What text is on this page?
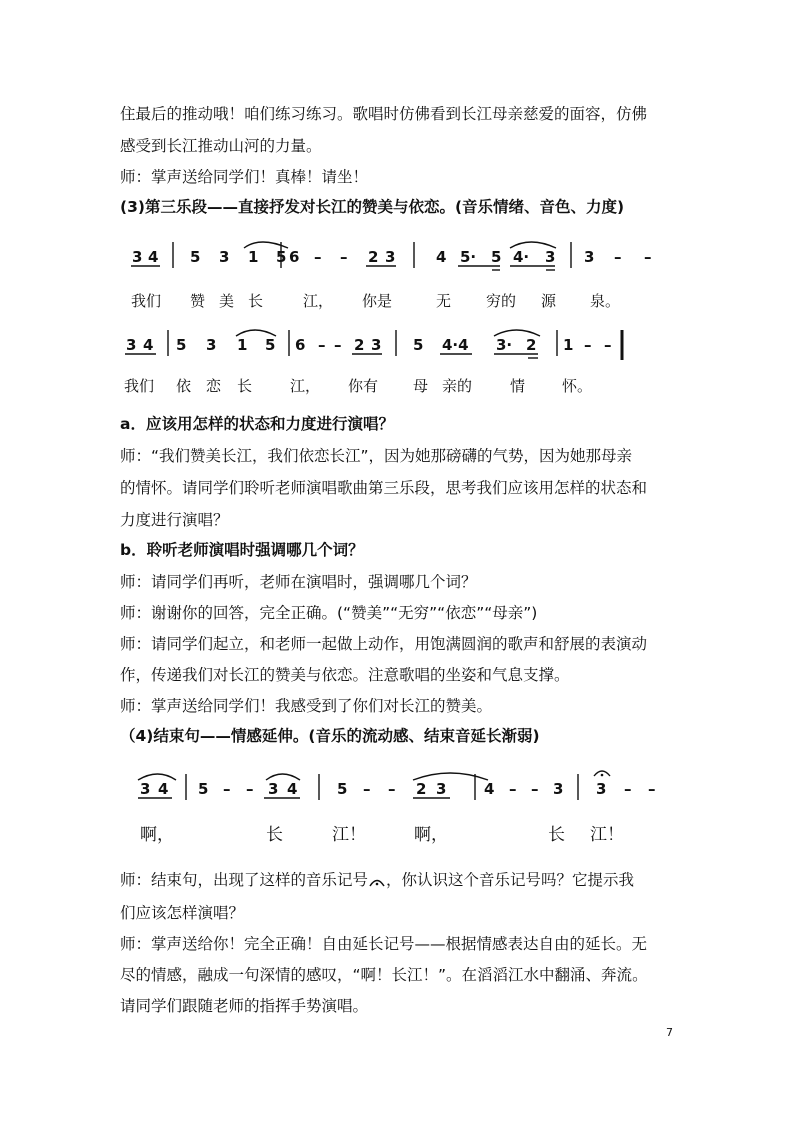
住最后的推动哦！咱们练习练习。歌唱时仿佛看到长江母亲慈爱的面容，仿佛
感受到长江推动山河的力量。
师：掌声送给同学们！真棒！请坐！
(3)第三乐段——直接抒发对长江的赞美与依恋。(音乐情绪、音色、力度)
3 4 5 3 1 5 6 – – 2 3	4 5· 5 4· 3 3 – –
我们 赞 美 长	江， 你是	无 穷的 源 泉。
3 4 5 3 1 5 6 – – 2 3 5 4·4 3· 2 1 – –
我们 依 恋 长	江， 你有 母 亲的	情 怀。
a．应该用怎样的状态和力度进行演唱？
师：“我们赞美长江，我们依恋长江”，因为她那磅礴的气势，因为她那母亲
的情怀。请同学们聆听老师演唱歌曲第三乐段，思考我们应该用怎样的状态和
力度进行演唱？
b．聆听老师演唱时强调哪几个词？
师：请同学们再听，老师在演唱时，强调哪几个词？
师：谢谢你的回答，完全正确。(“赞美”“无穷”“依恋”“母亲”)
师：请同学们起立，和老师一起做上动作，用饱满圆润的歌声和舒展的表演动
作，传递我们对长江的赞美与依恋。注意歌唱的坐姿和气息支撑。
师：掌声送给同学们！我感受到了你们对长江的赞美。
（4)结束句——情感延伸。(音乐的流动感、结束音延长渐弱)
3 4 5 – – 3 4	5 – – 2 3	4 – – 3 3 – –
啊，	长	江！	啊，	长 江！
师：结束句，出现了这样的音乐记号 ，你认识这个音乐记号吗？它提示我
们应该怎样演唱？
师：掌声送给你！完全正确！自由延长记号——根据情感表达自由的延长。无
尽的情感，融成一句深情的感叹，“啊！长江！”。在滔滔江水中翻涌、奔流。
请同学们跟随老师的指挥手势演唱。
7
